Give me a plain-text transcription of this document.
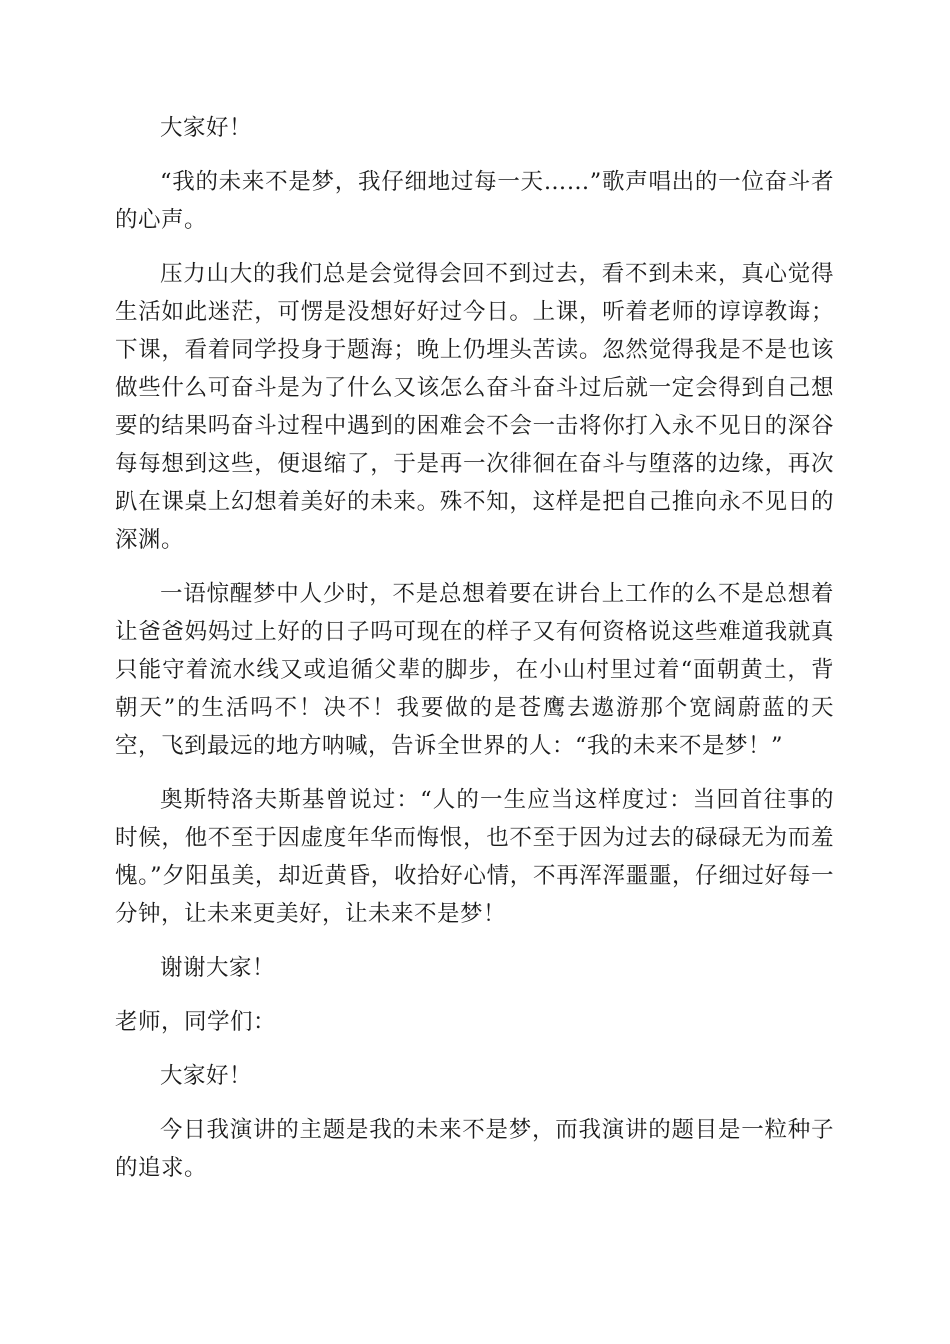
大家好！

“我的未来不是梦，我仔细地过每一天……”歌声唱出的一位奋斗者的心声。

压力山大的我们总是会觉得会回不到过去，看不到未来，真心觉得生活如此迷茫，可愣是没想好好过今日。上课，听着老师的谆谆教诲；下课，看着同学投身于题海；晚上仍埋头苦读。忽然觉得我是不是也该做些什么可奋斗是为了什么又该怎么奋斗奋斗过后就一定会得到自己想要的结果吗奋斗过程中遇到的困难会不会一击将你打入永不见日的深谷每每想到这些，便退缩了，于是再一次徘徊在奋斗与堕落的边缘，再次趴在课桌上幻想着美好的未来。殊不知，这样是把自己推向永不见日的深渊。

一语惊醒梦中人少时，不是总想着要在讲台上工作的么不是总想着让爸爸妈妈过上好的日子吗可现在的样子又有何资格说这些难道我就真只能守着流水线又或追循父辈的脚步，在小山村里过着“面朝黄土，背朝天”的生活吗不！决不！我要做的是苍鹰去遨游那个宽阔蔚蓝的天空，飞到最远的地方呐喊，告诉全世界的人：“我的未来不是梦！”

奥斯特洛夫斯基曾说过：“人的一生应当这样度过：当回首往事的时候，他不至于因虚度年华而悔恨，也不至于因为过去的碌碌无为而羞愧。”夕阳虽美，却近黄昏，收拾好心情，不再浑浑噩噩，仔细过好每一分钟，让未来更美好，让未来不是梦！

谢谢大家！

老师，同学们：

大家好！

今日我演讲的主题是我的未来不是梦，而我演讲的题目是一粒种子的追求。
